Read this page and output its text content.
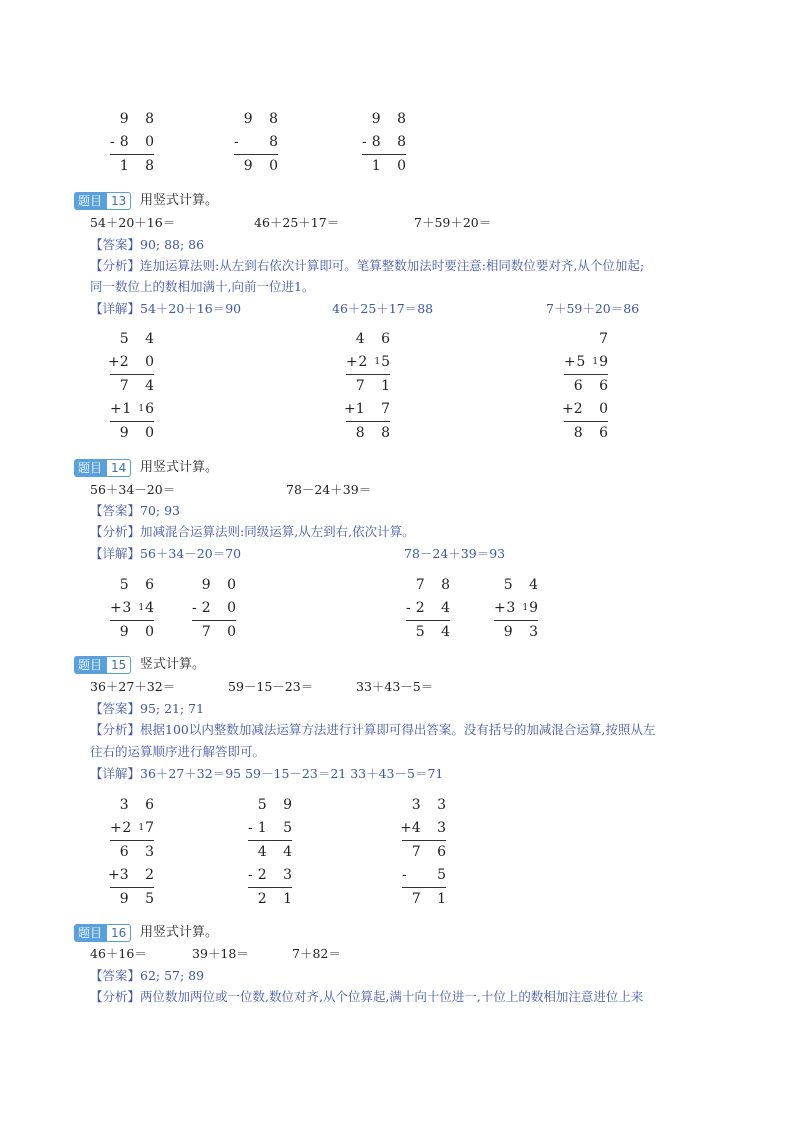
9 8
- 8 0
1 8
9 8
- 8
9 0
9 8
- 8 8
1 0
题目 13	用竖式计算。
54＋20＋16＝	46＋25＋17＝	7＋59＋20＝
【答案】90; 88; 86
【分析】连加运算法则:从左到右依次计算即可。笔算整数加法时要注意:相同数位要对齐,从个位加起;
同一数位上的数相加满十,向前一位进1。
【详解】54＋20＋16＝90	46＋25＋17＝88	7＋59＋20＝86
5 4
+ 2 0
7 4
+ 116
9 0
4 6
+ 215
7 1
+ 1 7
8 8
7
+ 519
6 6
+ 2 0
8 6
题目 14	用竖式计算。
56＋34－20＝	78－24＋39＝
【答案】70; 93
【分析】加减混合运算法则:同级运算,从左到右,依次计算。
【详解】56＋34－20＝70	78－24＋39＝93
5 6
+ 314
9 0
9 0
- 2 0
7 0
7 8
- 2 4
5 4
5 4
+ 319
9 3
题目 15	竖式计算。
36＋27＋32＝	59－15－23＝	33＋43－5＝
【答案】95; 21; 71
【分析】根据100以内整数加减法运算方法进行计算即可得出答案。没有括号的加减混合运算,按照从左
往右的运算顺序进行解答即可。
【详解】36＋27＋32＝95 59－15－23＝21 33＋43－5＝71
3 6
+ 217
6 3
+ 3 2
9 5
5 9
- 1 5
4 4
- 2 3
2 1
3 3
+ 4 3
7 6
- 5
7 1
题目 16	用竖式计算。
46＋16＝	39＋18＝	7＋82＝
【答案】62; 57; 89
【分析】两位数加两位或一位数,数位对齐,从个位算起,满十向十位进一,十位上的数相加注意进位上来
